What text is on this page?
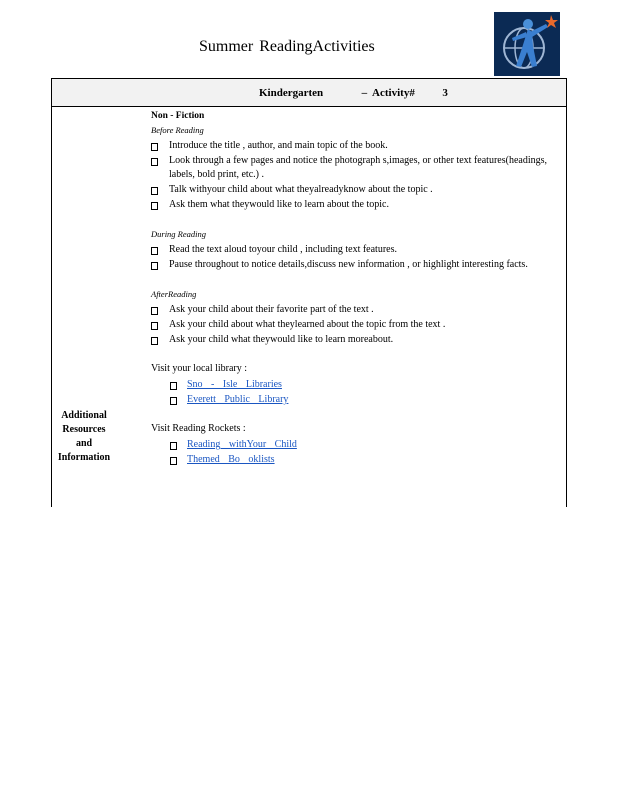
Summer ReadingActivities
Kindergarten              –  Activity#          3
Additional
Resources
and
Information
Non - Fiction
Before Reading
Introduce the title , author, and main topic of the book.
Look through a few pages and notice the photograph s,images, or other text features(headings, labels, bold print, etc.) .
Talk withyour child about what theyalreadyknow about the topic .
Ask them what theywould like to learn about the topic.
During Reading
Read the text aloud toyour child , including text features.
Pause throughout to notice details,discuss new information , or highlight interesting facts.
AfterReading
Ask your child about their favorite part of the text .
Ask your child about what theylearned about the topic from the text .
Ask your child what theywould like to learn moreabout.
Visit your local library :
Sno - Isle Libraries
Everett Public Library
Visit Reading Rockets :
Reading withYour Child
Themed Bo oklists
